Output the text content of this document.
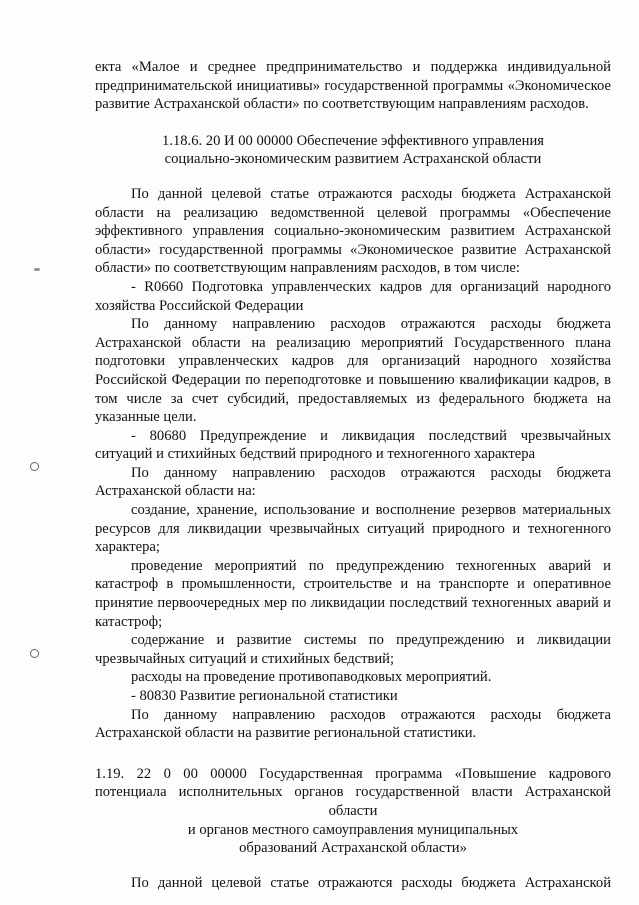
екта «Малое и среднее предпринимательство и поддержка индивидуальной предпринимательской инициативы» государственной программы «Экономическое развитие Астраханской области» по соответствующим направлениям расходов.

1.18.6. 20 И 00 00000 Обеспечение эффективного управления
социально-экономическим развитием Астраханской области

По данной целевой статье отражаются расходы бюджета Астраханской области на реализацию ведомственной целевой программы «Обеспечение эффективного управления социально-экономическим развитием Астраханской области» государственной программы «Экономическое развитие Астраханской области» по соответствующим направлениям расходов, в том числе:

- R0660 Подготовка управленческих кадров для организаций народного хозяйства Российской Федерации

По данному направлению расходов отражаются расходы бюджета Астраханской области на реализацию мероприятий Государственного плана подготовки управленческих кадров для организаций народного хозяйства Российской Федерации по переподготовке и повышению квалификации кадров, в том числе за счет субсидий, предоставляемых из федерального бюджета на указанные цели.

- 80680 Предупреждение и ликвидация последствий чрезвычайных ситуаций и стихийных бедствий природного и техногенного характера

По данному направлению расходов отражаются расходы бюджета Астраханской области на:

создание, хранение, использование и восполнение резервов материальных ресурсов для ликвидации чрезвычайных ситуаций природного и техногенного характера;

проведение мероприятий по предупреждению техногенных аварий и катастроф в промышленности, строительстве и на транспорте и оперативное принятие первоочередных мер по ликвидации последствий техногенных аварий и катастроф;

содержание и развитие системы по предупреждению и ликвидации чрезвычайных ситуаций и стихийных бедствий;

расходы на проведение противопаводковых мероприятий.

- 80830 Развитие региональной статистики

По данному направлению расходов отражаются расходы бюджета Астраханской области на развитие региональной статистики.

1.19. 22 0 00 00000 Государственная программа «Повышение кадрового потенциала исполнительных органов государственной власти Астраханской области
и органов местного самоуправления муниципальных
образований Астраханской области»

По данной целевой статье отражаются расходы бюджета Астраханской
